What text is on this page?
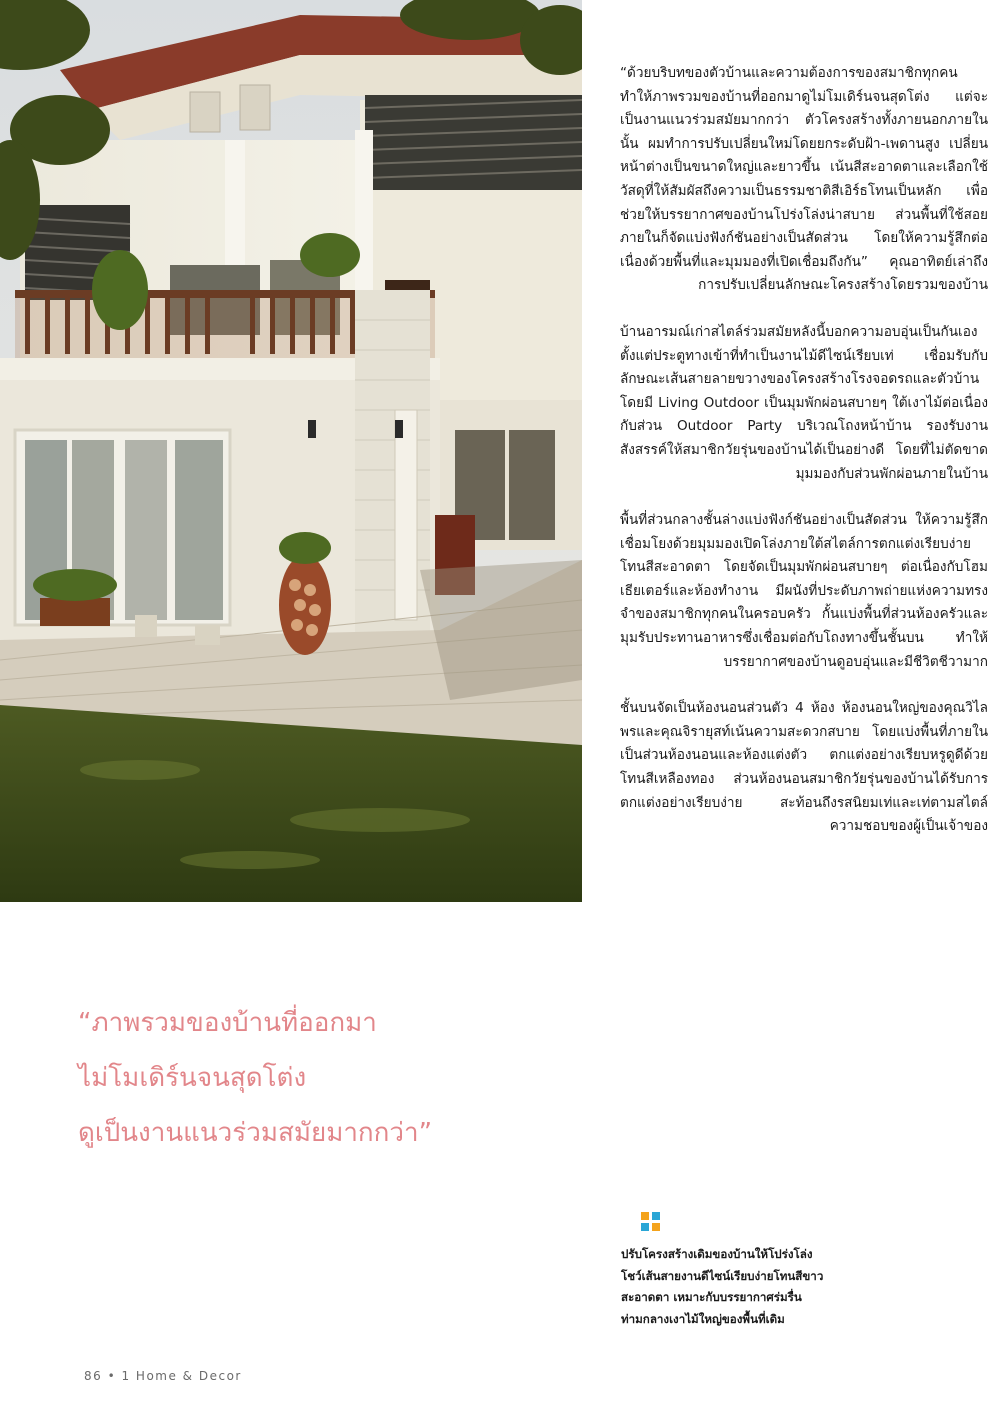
“ด้วยบริบทของตัวบ้านและความต้องการของสมาชิกทุกคน ทำให้ภาพรวมของบ้านที่ออกมาดูไม่โมเดิร์นจนสุดโต่ง แต่จะเป็นงานแนวร่วมสมัยมากกว่า ตัวโครงสร้างทั้งภายนอกภายในนั้น ผมทำการปรับเปลี่ยนใหม่โดยยกระดับฝ้า-เพดานสูง เปลี่ยนหน้าต่างเป็นขนาดใหญ่และยาวขึ้น เน้นสีสะอาดตาและเลือกใช้วัสดุที่ให้สัมผัสถึงความเป็นธรรมชาติสีเอิร์ธโทนเป็นหลัก เพื่อช่วยให้บรรยากาศของบ้านโปร่งโล่งน่าสบาย ส่วนพื้นที่ใช้สอยภายในก็จัดแบ่งฟังก์ชันอย่างเป็นสัดส่วน โดยให้ความรู้สึกต่อเนื่องด้วยพื้นที่และมุมมองที่เปิดเชื่อมถึงกัน” คุณอาทิตย์เล่าถึงการปรับเปลี่ยนลักษณะโครงสร้างโดยรวมของบ้าน

บ้านอารมณ์เก่าสไตล์ร่วมสมัยหลังนี้บอกความอบอุ่นเป็นกันเองตั้งแต่ประตูทางเข้าที่ทำเป็นงานไม้ดีไซน์เรียบเท่ เชื่อมรับกับลักษณะเส้นสายลายขวางของโครงสร้างโรงจอดรถและตัวบ้าน โดยมี Living Outdoor เป็นมุมพักผ่อนสบายๆ ใต้เงาไม้ต่อเนื่องกับส่วน Outdoor Party บริเวณโถงหน้าบ้าน รองรับงานสังสรรค์ให้สมาชิกวัยรุ่นของบ้านได้เป็นอย่างดี โดยที่ไม่ตัดขาดมุมมองกับส่วนพักผ่อนภายในบ้าน

พื้นที่ส่วนกลางชั้นล่างแบ่งฟังก์ชันอย่างเป็นสัดส่วน ให้ความรู้สึกเชื่อมโยงด้วยมุมมองเปิดโล่งภายใต้สไตล์การตกแต่งเรียบง่ายโทนสีสะอาดตา โดยจัดเป็นมุมพักผ่อนสบายๆ ต่อเนื่องกับโฮมเธียเตอร์และห้องทำงาน มีผนังที่ประดับภาพถ่ายแห่งความทรงจำของสมาชิกทุกคนในครอบครัว กั้นแบ่งพื้นที่ส่วนห้องครัวและมุมรับประทานอาหารซึ่งเชื่อมต่อกับโถงทางขึ้นชั้นบน ทำให้บรรยากาศของบ้านดูอบอุ่นและมีชีวิตชีวามาก

ชั้นบนจัดเป็นห้องนอนส่วนตัว 4 ห้อง ห้องนอนใหญ่ของคุณวิไลพรและคุณจิรายุสท์เน้นความสะดวกสบาย โดยแบ่งพื้นที่ภายในเป็นส่วนห้องนอนและห้องแต่งตัว ตกแต่งอย่างเรียบหรูดูดีด้วยโทนสีเหลืองทอง ส่วนห้องนอนสมาชิกวัยรุ่นของบ้านได้รับการตกแต่งอย่างเรียบง่าย สะท้อนถึงรสนิยมเท่และเท่ตามสไตล์ความชอบของผู้เป็นเจ้าของ

“ภาพรวมของบ้านที่ออกมา
ไม่โมเดิร์นจนสุดโต่ง
ดูเป็นงานแนวร่วมสมัยมากกว่า”
ปรับโครงสร้างเดิมของบ้านให้โปร่งโล่ง
โชว์เส้นสายงานดีไซน์เรียบง่ายโทนสีขาว
สะอาดตา เหมาะกับบรรยากาศร่มรื่น
ท่ามกลางเงาไม้ใหญ่ของพื้นที่เดิม
86 • 1 Home & Decor
